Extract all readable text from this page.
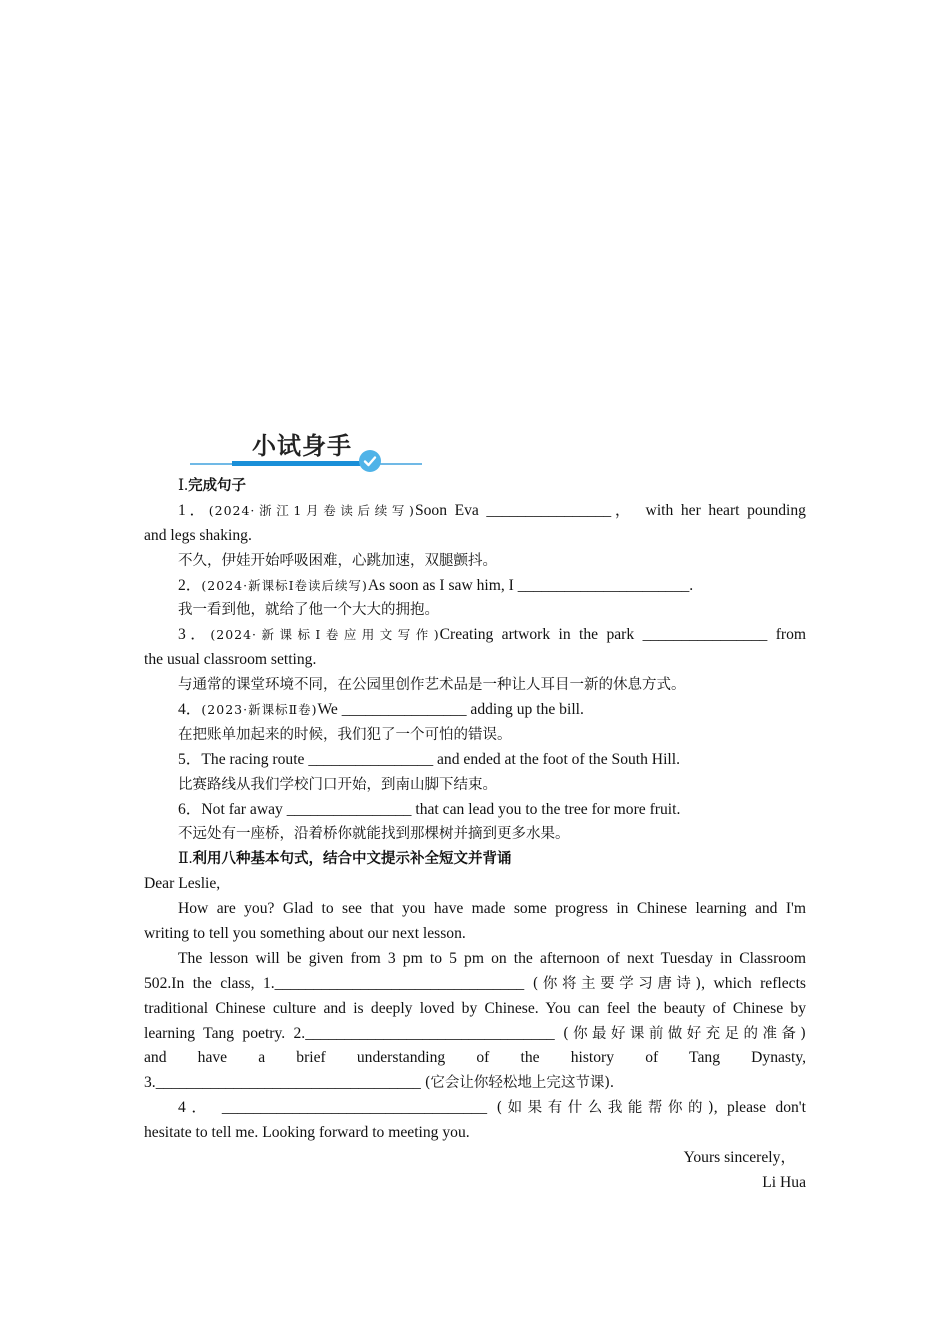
小试身手
Ⅰ.完成句子
1．(2024·浙江1月卷读后续写)Soon Eva ________________，　with her heart pounding
and legs shaking.
不久，伊娃开始呼吸困难，心跳加速，双腿颤抖。
2．(2024·新课标Ⅰ卷读后续写)As soon as I saw him, I ______________________.
我一看到他，就给了他一个大大的拥抱。
3．(2024·新课标Ⅰ卷应用文写作)Creating artwork in the park ________________ from
the usual classroom setting.
与通常的课堂环境不同，在公园里创作艺术品是一种让人耳目一新的休息方式。
4．(2023·新课标Ⅱ卷)We ________________ adding up the bill.
在把账单加起来的时候，我们犯了一个可怕的错误。
5．The racing route ________________ and ended at the foot of the South Hill.
比赛路线从我们学校门口开始，到南山脚下结束。
6．Not far away ________________ that can lead you to the tree for more fruit.
不远处有一座桥，沿着桥你就能找到那棵树并摘到更多水果。
Ⅱ.利用八种基本句式，结合中文提示补全短文并背诵
Dear Leslie,
How are you? Glad to see that you have made some progress in Chinese learning and I'm
writing to tell you something about our next lesson.
The lesson will be given from 3 pm to 5 pm on the afternoon of next Tuesday in Classroom
502.In the class, 1.________________________________ (你将主要学习唐诗), which reflects
traditional Chinese culture and is deeply loved by Chinese. You can feel the beauty of Chinese by
learning Tang poetry. 2.________________________________ (你最好课前做好充足的准备)
and have a brief understanding of the history of Tang Dynasty,
3.__________________________________ (它会让你轻松地上完这节课).
4． __________________________________ (如果有什么我能帮你的), please don't
hesitate to tell me. Looking forward to meeting you.
Yours sincerely，
Li Hua
